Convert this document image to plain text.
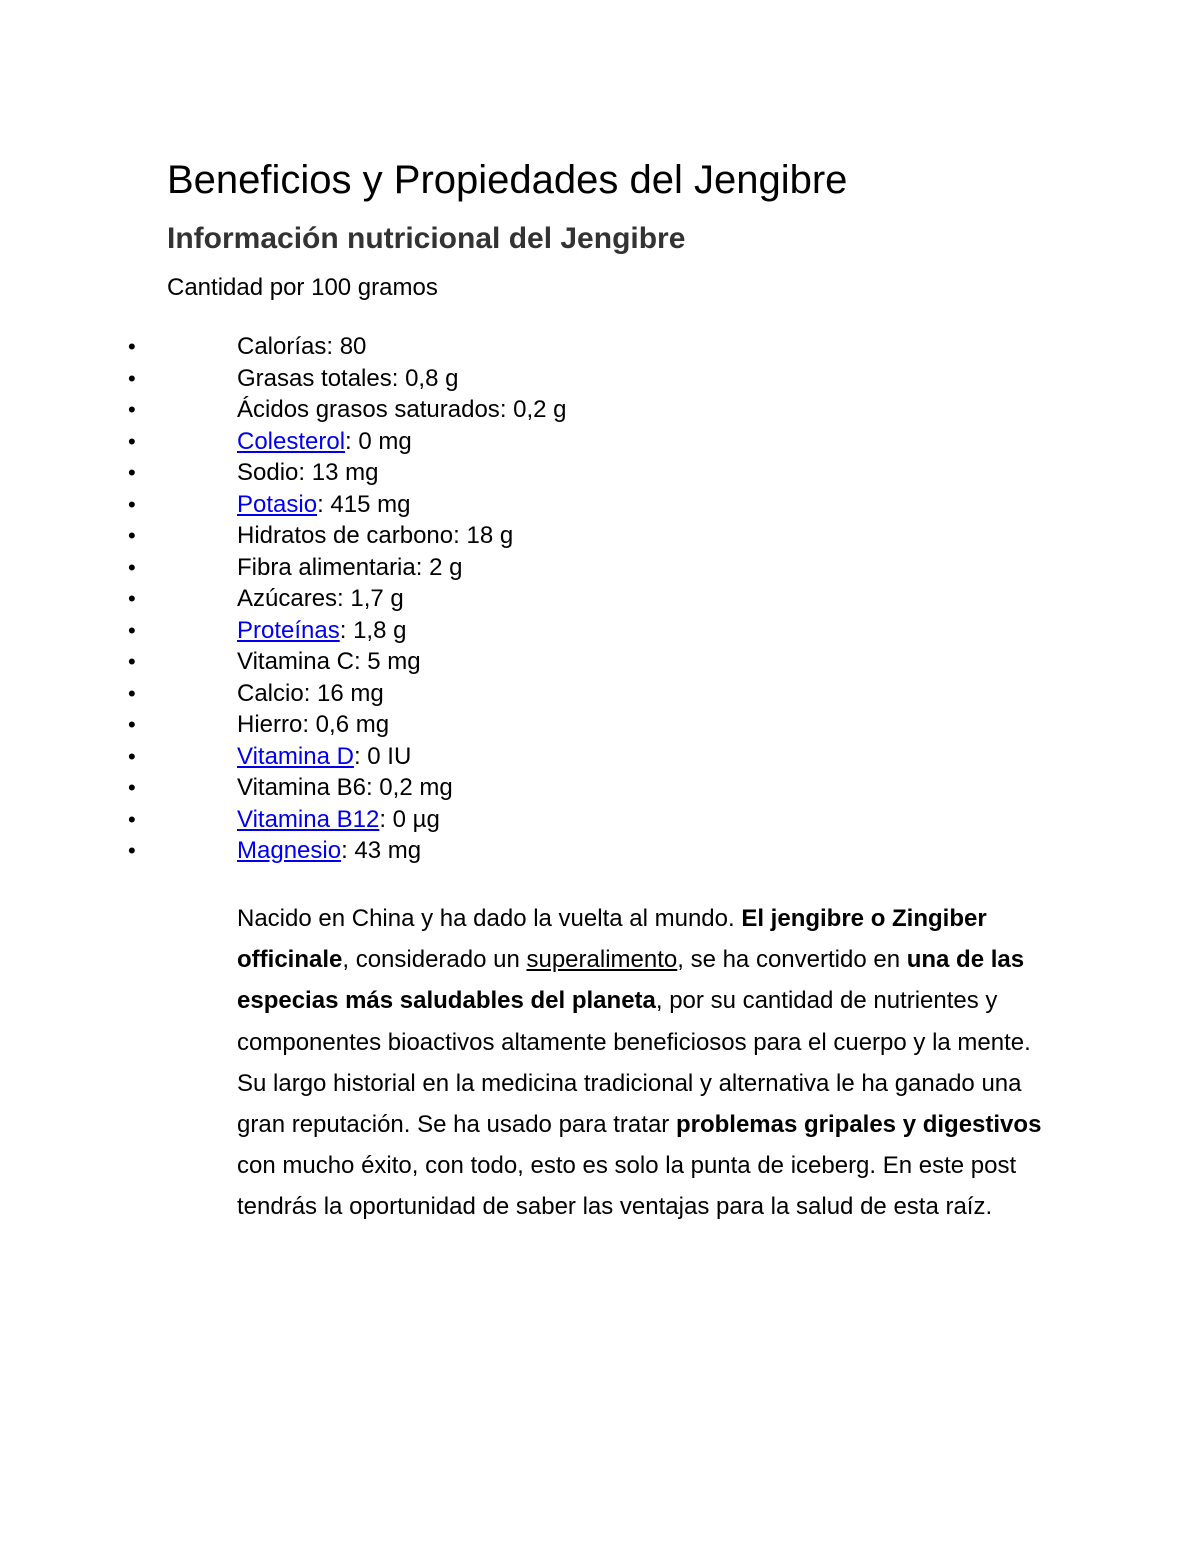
Beneficios y Propiedades del Jengibre
Información nutricional del Jengibre

Cantidad por 100 gramos

•	Calorías: 80
•	Grasas totales: 0,8 g
•	Ácidos grasos saturados: 0,2 g
•	Colesterol: 0 mg
•	Sodio: 13 mg
•	Potasio: 415 mg
•	Hidratos de carbono: 18 g
•	Fibra alimentaria: 2 g
•	Azúcares: 1,7 g
•	Proteínas: 1,8 g
•	Vitamina C: 5 mg
•	Calcio: 16 mg
•	Hierro: 0,6 mg
•	Vitamina D: 0 IU
•	Vitamina B6: 0,2 mg
•	Vitamina B12: 0 µg
•	Magnesio: 43 mg

Nacido en China y ha dado la vuelta al mundo. El jengibre o Zingiber officinale, considerado un superalimento, se ha convertido en una de las especias más saludables del planeta, por su cantidad de nutrientes y componentes bioactivos altamente beneficiosos para el cuerpo y la mente.

Su largo historial en la medicina tradicional y alternativa le ha ganado una gran reputación. Se ha usado para tratar problemas gripales y digestivos con mucho éxito, con todo, esto es solo la punta de iceberg. En este post tendrás la oportunidad de saber las ventajas para la salud de esta raíz.
